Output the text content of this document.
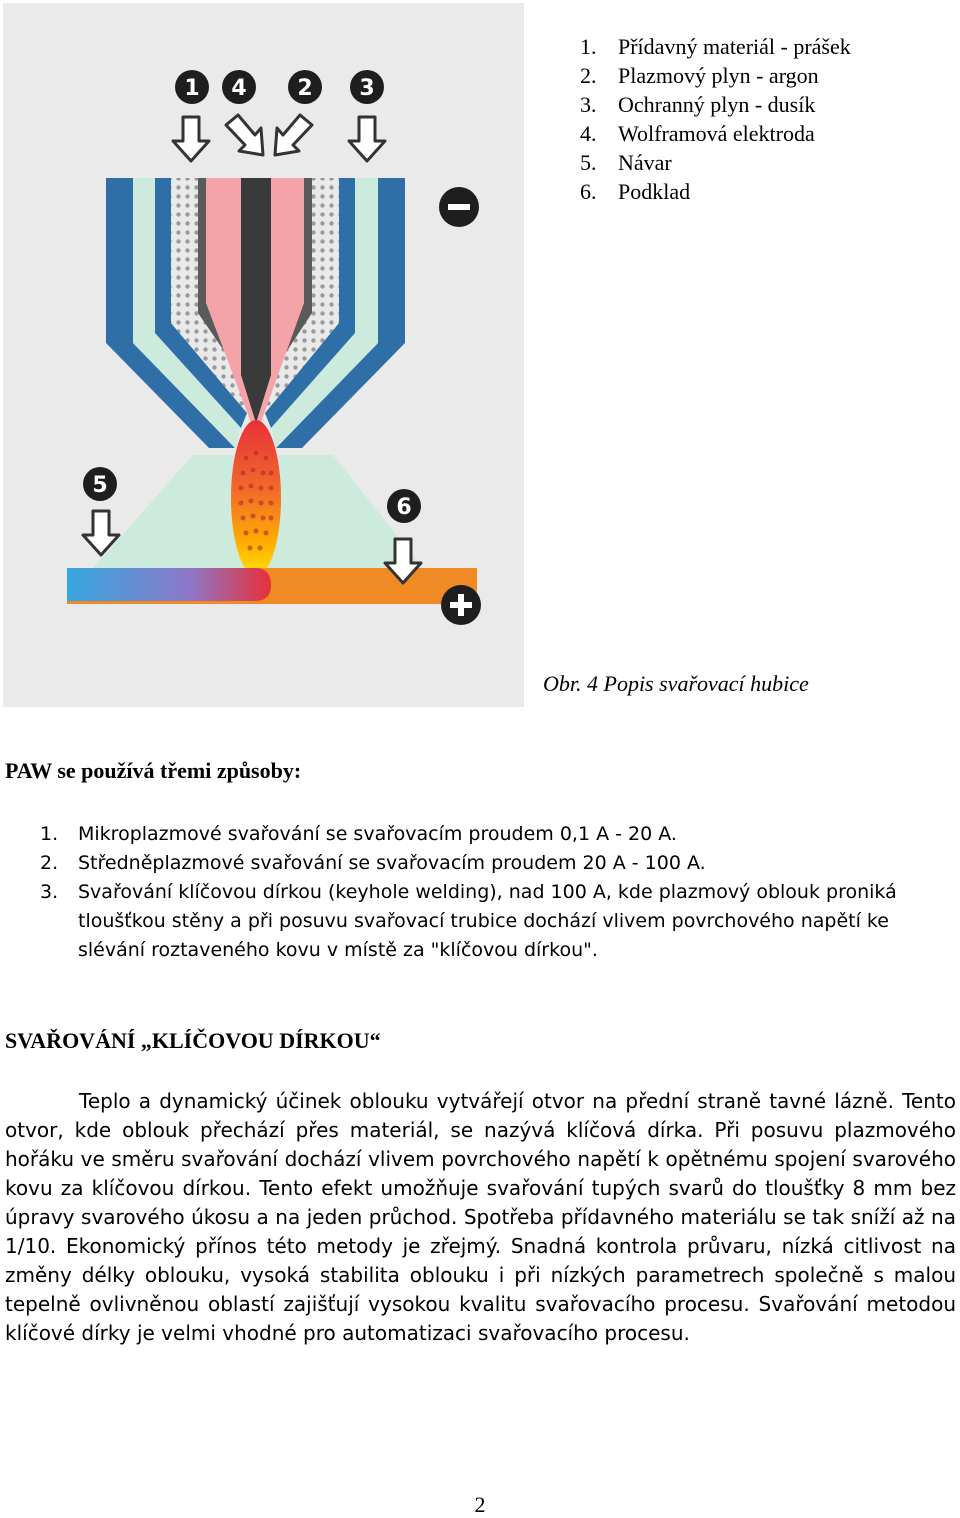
1 4 2 3
5
6
1. Přídavný materiál - prášek
2. Plazmový plyn - argon
3. Ochranný plyn - dusík
4. Wolframová elektroda
5. Návar
6. Podklad
Obr. 4 Popis svařovací hubice
PAW se používá třemi způsoby:
1. Mikroplazmové svařování se svařovacím proudem 0,1 A - 20 A.
2. Středněplazmové svařování se svařovacím proudem 20 A - 100 A.
3. Svařování klíčovou dírkou (keyhole welding), nad 100 A, kde plazmový oblouk proniká tloušťkou stěny a při posuvu svařovací trubice dochází vlivem povrchového napětí ke slévání roztaveného kovu v místě za "klíčovou dírkou".
SVAŘOVÁNÍ „KLÍČOVOU DÍRKOU“

Teplo a dynamický účinek oblouku vytvářejí otvor na přední straně tavné lázně. Tento otvor, kde oblouk přechází přes materiál, se nazývá klíčová dírka. Při posuvu plazmového hořáku ve směru svařování dochází vlivem povrchového napětí k opětnému spojení svarového kovu za klíčovou dírkou. Tento efekt umožňuje svařování tupých svarů do tloušťky 8 mm bez úpravy svarového úkosu a na jeden průchod. Spotřeba přídavného materiálu se tak sníží až na 1/10. Ekonomický přínos této metody je zřejmý. Snadná kontrola průvaru, nízká citlivost na změny délky oblouku, vysoká stabilita oblouku i při nízkých parametrech společně s malou tepelně ovlivněnou oblastí zajišťují vysokou kvalitu svařovacího procesu. Svařování metodou klíčové dírky je velmi vhodné pro automatizaci svařovacího procesu.

2
